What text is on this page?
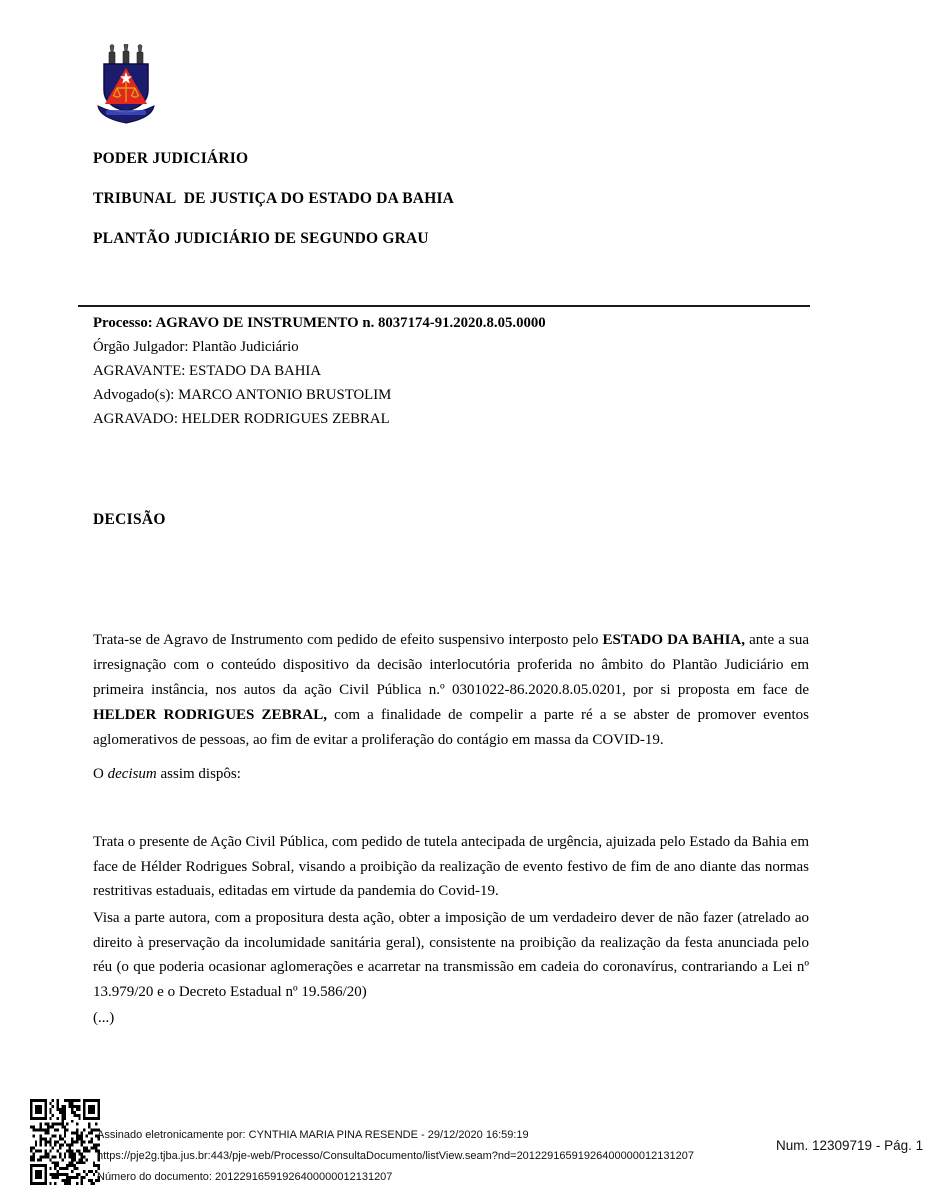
PODER JUDICIÁRIO

TRIBUNAL  DE JUSTIÇA DO ESTADO DA BAHIA

PLANTÃO JUDICIÁRIO DE SEGUNDO GRAU

Processo: AGRAVO DE INSTRUMENTO n. 8037174-91.2020.8.05.0000

Órgão Julgador: Plantão Judiciário

AGRAVANTE: ESTADO DA BAHIA

Advogado(s): MARCO ANTONIO BRUSTOLIM

AGRAVADO: HELDER RODRIGUES ZEBRAL

DECISÃO

Trata-se de Agravo de Instrumento com pedido de efeito suspensivo interposto pelo ESTADO DA BAHIA, ante a sua irresignação com o conteúdo dispositivo da decisão interlocutória proferida no âmbito do Plantão Judiciário em primeira instância, nos autos da ação Civil Pública n.º 0301022-86.2020.8.05.0201, por si proposta em face de HELDER RODRIGUES ZEBRAL, com a finalidade de compelir a parte ré a se abster de promover eventos aglomerativos de pessoas, ao fim de evitar a proliferação do contágio em massa da COVID-19.

O decisum assim dispôs:

Trata o presente de Ação Civil Pública, com pedido de tutela antecipada de urgência, ajuizada pelo Estado da Bahia em face de Hélder Rodrigues Sobral, visando a proibição da realização de evento festivo de fim de ano diante das normas restritivas estaduais, editadas em virtude da pandemia do Covid-19.

Visa a parte autora, com a propositura desta ação, obter a imposição de um verdadeiro dever de não fazer (atrelado ao direito à preservação da incolumidade sanitária geral), consistente na proibição da realização da festa anunciada pelo réu (o que poderia ocasionar aglomerações e acarretar na transmissão em cadeia do coronavírus, contrariando a Lei nº 13.979/20 e o Decreto Estadual nº 19.586/20)

(...)

Assinado eletronicamente por: CYNTHIA MARIA PINA RESENDE - 29/12/2020 16:59:19
https://pje2g.tjba.jus.br:443/pje-web/Processo/ConsultaDocumento/listView.seam?nd=20122916591926400000012131207
Número do documento: 20122916591926400000012131207
Num. 12309719 - Pág. 1
